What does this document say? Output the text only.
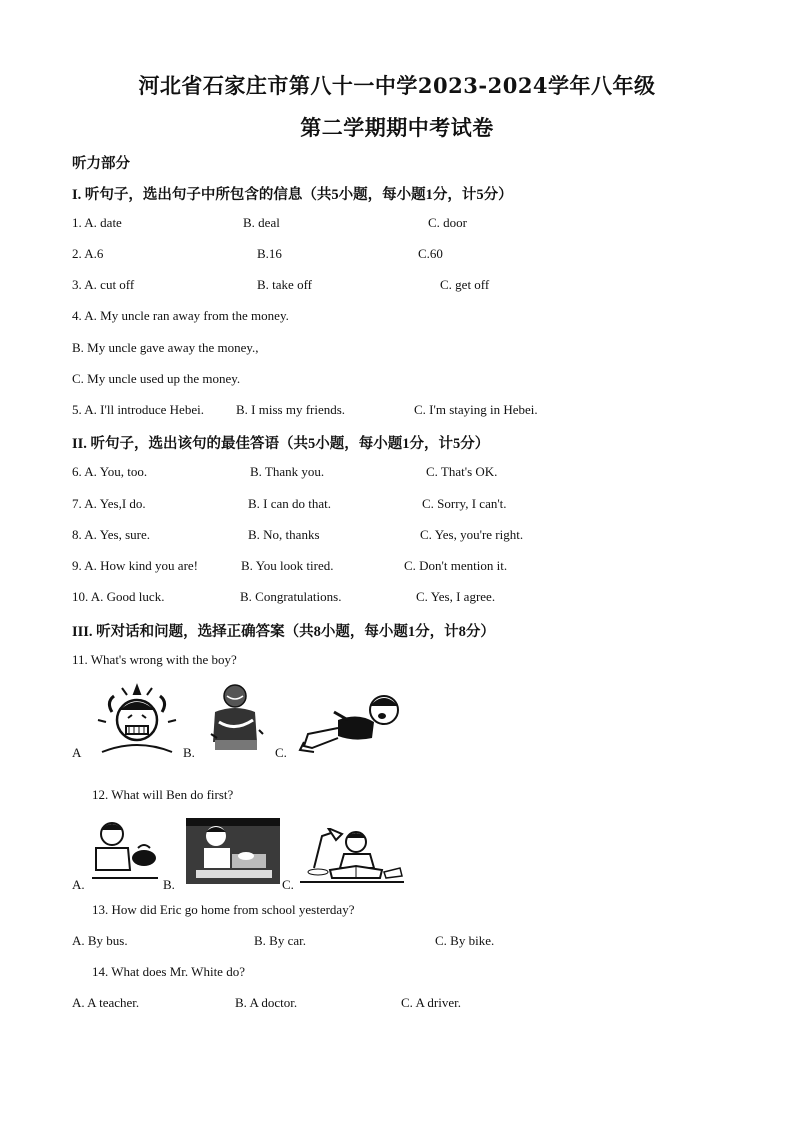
河北省石家庄市第八十一中学2023-2024学年八年级
第二学期期中考试卷
听力部分
I. 听句子，选出句子中所包含的信息（共5小题，每小题1分，计5分）
1. A. date	B. deal	C. door
2. A.6	B.16	C.60
3. A. cut off	B. take off	C. get off
4. A. My uncle ran away from the money.
B. My uncle gave away the money.,
C. My uncle used up the money.
5. A. I'll introduce Hebei. B. I miss my friends.	C. I'm staying in Hebei.
II. 听句子，选出该句的最佳答语（共5小题，每小题1分，计5分）
6. A. You, too.	B. Thank you.	C. That's OK.
7. A. Yes,I do.	B. I can do that.	C. Sorry, I can't.
8. A. Yes, sure.	B. No, thanks	C. Yes, you're right.
9. A. How kind you are!	B. You look tired.	C. Don't mention it.
10. A. Good luck.	B. Congratulations.	C. Yes, I agree.
III. 听对话和问题，选择正确答案（共8小题，每小题1分，计8分）
11. What's wrong with the boy?
A	B.	C.
12. What will Ben do first?
A.	B.	C.
13. How did Eric go home from school yesterday?
A. By bus.	B. By car.	C. By bike.
14. What does Mr. White do?
A. A teacher.	B. A doctor.	C. A driver.
